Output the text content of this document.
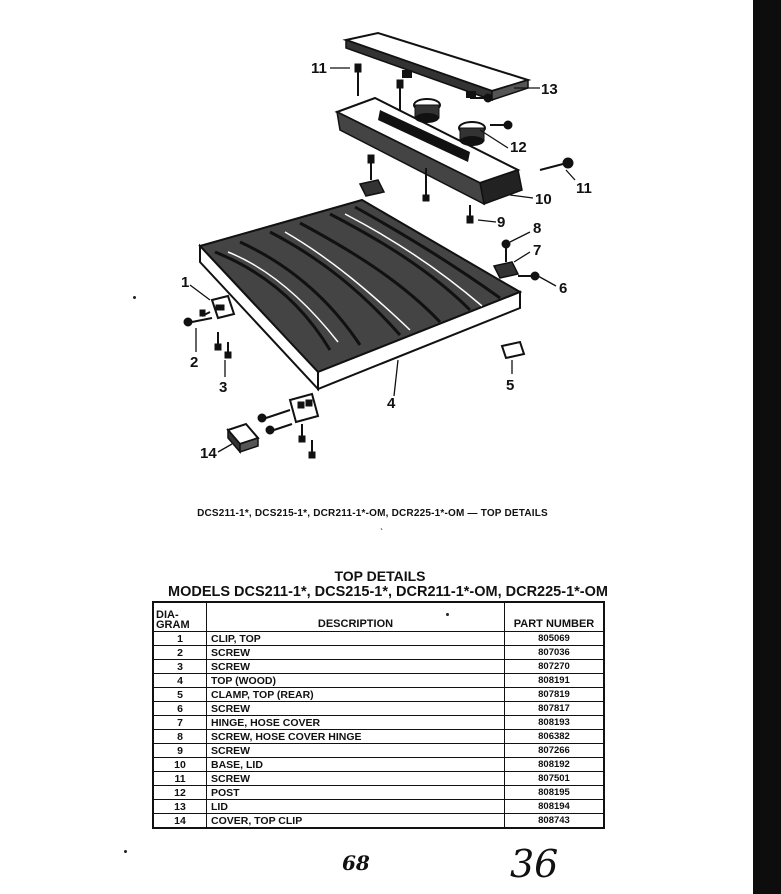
11
13
12
11
10
9 8
7
6
1
2
3
4
5
14
DCS211-1*, DCS215-1*, DCR211-1*-OM, DCR225-1*-OM — TOP DETAILS
ˋ
TOP DETAILS
MODELS DCS211-1*, DCS215-1*, DCR211-1*-OM, DCR225-1*-OM
DIA-GRAM	DESCRIPTION	PART NUMBER
1	CLIP, TOP	805069
2	SCREW	807036
3	SCREW	807270
4	TOP (WOOD)	808191
5	CLAMP, TOP (REAR)	807819
6	SCREW	807817
7	HINGE, HOSE COVER	808193
8	SCREW, HOSE COVER HINGE	806382
9	SCREW	807266
10	BASE, LID	808192
11	SCREW	807501
12	POST	808195
13	LID	808194
14	COVER, TOP CLIP	808743
68	36
